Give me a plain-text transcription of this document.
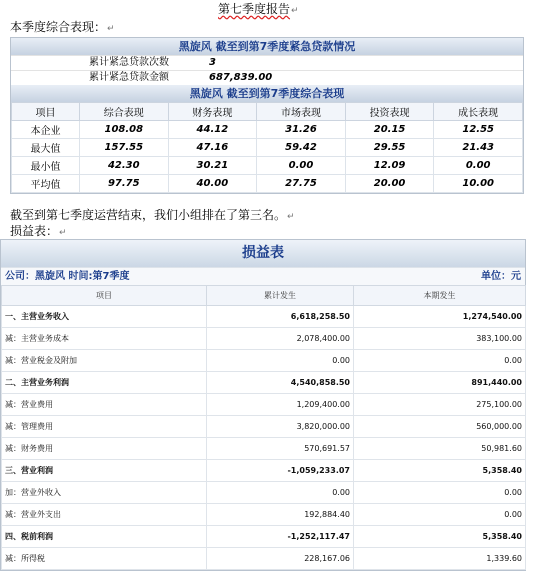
第七季度报告↵
本季度综合表现：↵
黑旋风 截至到第7季度紧急贷款情况
累计紧急贷款次数	3
累计紧急贷款金额	687,839.00
黑旋风 截至到第7季度综合表现
项目	综合表现	财务表现	市场表现	投资表现	成长表现
本企业	108.08	44.12	31.26	20.15	12.55
最大值	157.55	47.16	59.42	29.55	21.43
最小值	42.30	30.21	0.00	12.09	0.00
平均值	97.75	40.00	27.75	20.00	10.00
截至到第七季度运营结束，我们小组排在了第三名。↵
损益表：↵
损益表
公司：黑旋风 时间:第7季度	单位：元
项目	累计发生	本期发生
一、主营业务收入	6,618,258.50	1,274,540.00
减：主营业务成本	2,078,400.00	383,100.00
减：营业税金及附加	0.00	0.00
二、主营业务利润	4,540,858.50	891,440.00
减：营业费用	1,209,400.00	275,100.00
减：管理费用	3,820,000.00	560,000.00
减：财务费用	570,691.57	50,981.60
三、营业利润	-1,059,233.07	5,358.40
加：营业外收入	0.00	0.00
减：营业外支出	192,884.40	0.00
四、税前利润	-1,252,117.47	5,358.40
减：所得税	228,167.06	1,339.60
